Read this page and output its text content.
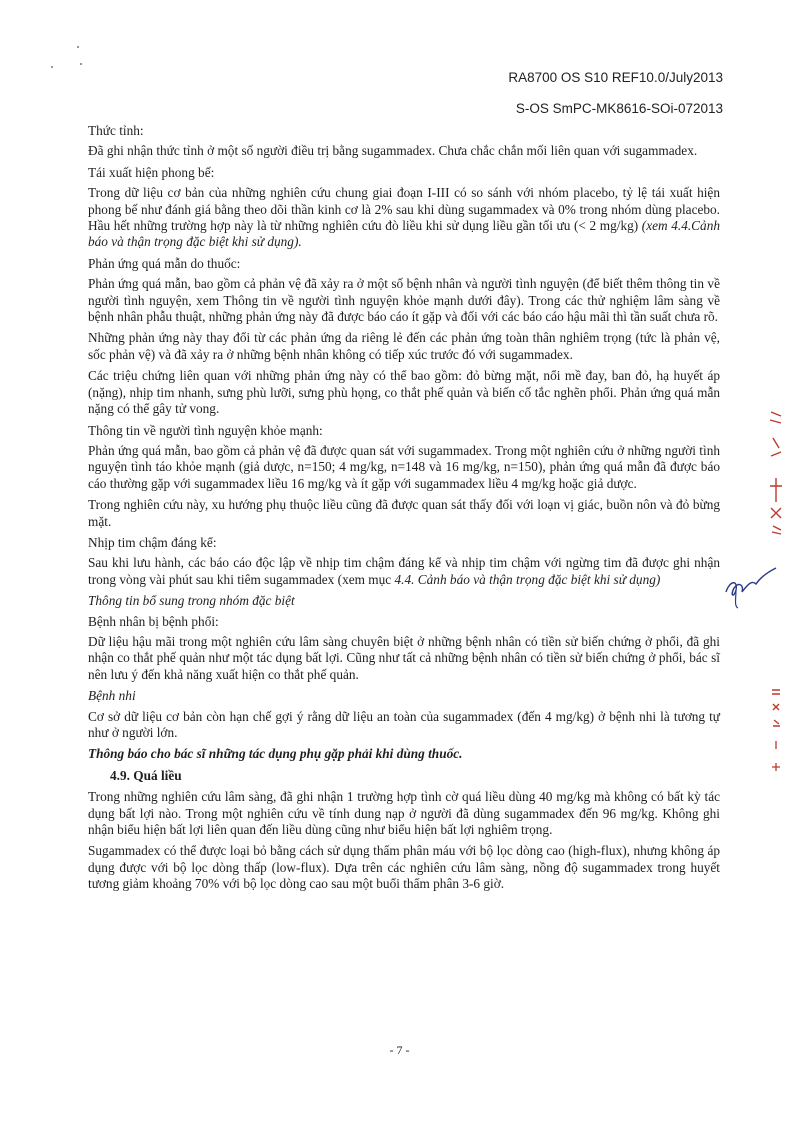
RA8700 OS S10 REF10.0/July2013
S-OS SmPC-MK8616-SOi-072013

Thức tỉnh:

Đã ghi nhận thức tỉnh ở một số người điều trị bằng sugammadex. Chưa chắc chắn mối liên quan với sugammadex.

Tái xuất hiện phong bế:

Trong dữ liệu cơ bản của những nghiên cứu chung giai đoạn I-III có so sánh với nhóm placebo, tỷ lệ tái xuất hiện phong bế như đánh giá bằng theo dõi thần kinh cơ là 2% sau khi dùng sugammadex và 0% trong nhóm dùng placebo. Hầu hết những trường hợp này là từ những nghiên cứu đò liều khi sử dụng liều gần tối ưu (< 2 mg/kg) (xem 4.4.Cảnh báo và thận trọng đặc biệt khi sử dụng).

Phản ứng quá mẫn do thuốc:

Phản ứng quá mẫn, bao gồm cả phản vệ đã xảy ra ở một số bệnh nhân và người tình nguyện (để biết thêm thông tin về người tình nguyện, xem Thông tin về người tình nguyện khỏe mạnh dưới đây). Trong các thử nghiệm lâm sàng về bệnh nhân phẫu thuật, những phản ứng này đã được báo cáo ít gặp và đối với các báo cáo hậu mãi thì tần suất chưa rõ.

Những phản ứng này thay đổi từ các phản ứng da riêng lẻ đến các phản ứng toàn thân nghiêm trọng (tức là phản vệ, sốc phản vệ) và đã xảy ra ở những bệnh nhân không có tiếp xúc trước đó với sugammadex.

Các triệu chứng liên quan với những phản ứng này có thể bao gồm: đỏ bừng mặt, nổi mề đay, ban đỏ, hạ huyết áp (nặng), nhịp tim nhanh, sưng phù lưỡi, sưng phù họng, co thắt phế quản và biến cố tắc nghẽn phổi. Phản ứng quá mẫn nặng có thể gây tử vong.

Thông tin về người tình nguyện khỏe mạnh:

Phản ứng quá mẫn, bao gồm cả phản vệ đã được quan sát với sugammadex. Trong một nghiên cứu ở những người tình nguyện tình táo khỏe mạnh (giả dược, n=150; 4 mg/kg, n=148 và 16 mg/kg, n=150), phản ứng quá mẫn đã được báo cáo thường gặp với sugammadex liều 16 mg/kg và ít gặp với sugammadex liều 4 mg/kg hoặc giả dược.

Trong nghiên cứu này, xu hướng phụ thuộc liều cũng đã được quan sát thấy đối với loạn vị giác, buồn nôn và đỏ bừng mặt.

Nhịp tim chậm đáng kể:

Sau khi lưu hành, các báo cáo độc lập về nhịp tim chậm đáng kể và nhịp tim chậm với ngừng tim đã được ghi nhận trong vòng vài phút sau khi tiêm sugammadex (xem mục 4.4. Cảnh báo và thận trọng đặc biệt khi sử dụng)

Thông tin bổ sung trong nhóm đặc biệt

Bệnh nhân bị bệnh phổi:

Dữ liệu hậu mãi trong một nghiên cứu lâm sàng chuyên biệt ở những bệnh nhân có tiền sử biến chứng ở phổi, đã ghi nhận co thắt phế quản như một tác dụng bất lợi. Cũng như tất cả những bệnh nhân có tiền sử biến chứng ở phổi, bác sĩ nên lưu ý đến khả năng xuất hiện co thắt phế quản.

Bệnh nhi

Cơ sở dữ liệu cơ bản còn hạn chế gợi ý rằng dữ liệu an toàn của sugammadex (đến 4 mg/kg) ở bệnh nhi là tương tự như ở người lớn.

Thông báo cho bác sĩ những tác dụng phụ gặp phải khi dùng thuốc.

4.9. Quá liều

Trong những nghiên cứu lâm sàng, đã ghi nhận 1 trường hợp tình cờ quá liều dùng 40 mg/kg mà không có bất kỳ tác dụng bất lợi nào. Trong một nghiên cứu về tính dung nạp ở người đã dùng sugammadex đến 96 mg/kg. Không ghi nhận biểu hiện bất lợi liên quan đến liều dùng cũng như biểu hiện bất lợi nghiêm trọng.

Sugammadex có thể được loại bỏ bằng cách sử dụng thẩm phân máu với bộ lọc dòng cao (high-flux), nhưng không áp dụng được với bộ lọc dòng thấp (low-flux). Dựa trên các nghiên cứu lâm sàng, nồng độ sugammadex trong huyết tương giảm khoảng 70% với bộ lọc dòng cao sau một buổi thẩm phân 3-6 giờ.

- 7 -
